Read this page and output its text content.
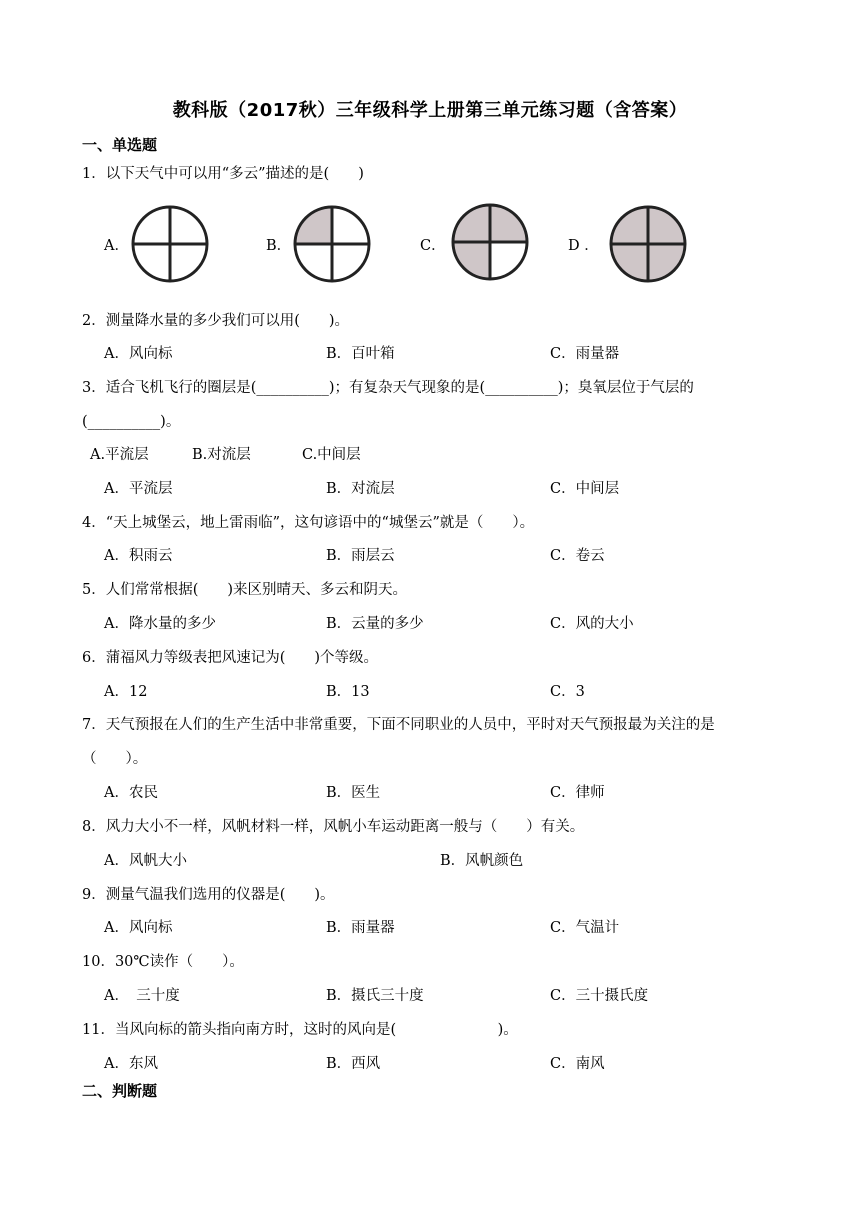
教科版（2017秋）三年级科学上册第三单元练习题（含答案）
一、单选题
1．以下天气中可以用“多云”描述的是(　　)
A．	B．	C．	D ．
2．测量降水量的多少我们可以用(　　)。
A．风向标	B．百叶箱	C．雨量器
3．适合飞机飞行的圈层是(__________)；有复杂天气现象的是(__________)；臭氧层位于气层的
(__________)。
A.平流层	B.对流层	C.中间层
A．平流层	B．对流层	C．中间层
4．“天上城堡云，地上雷雨临”，这句谚语中的“城堡云”就是（　　）。
A．积雨云	B．雨层云	C．卷云
5．人们常常根据(　　)来区别晴天、多云和阴天。
A．降水量的多少	B．云量的多少	C．风的大小
6．蒲福风力等级表把风速记为(　　)个等级。
A．12	B．13	C．3
7．天气预报在人们的生产生活中非常重要，下面不同职业的人员中，平时对天气预报最为关注的是
（　　）。
A．农民	B．医生	C．律师
8．风力大小不一样，风帆材料一样，风帆小车运动距离一般与（　　）有关。
A．风帆大小	B．风帆颜色
9．测量气温我们选用的仪器是(　　)。
A．风向标	B．雨量器	C．气温计
10．30℃读作（　　）。
A．　三十度	B．摄氏三十度	C．三十摄氏度
11．当风向标的箭头指向南方时，这时的风向是(　　　　　　　)。
A．东风	B．西风	C．南风
二、判断题
